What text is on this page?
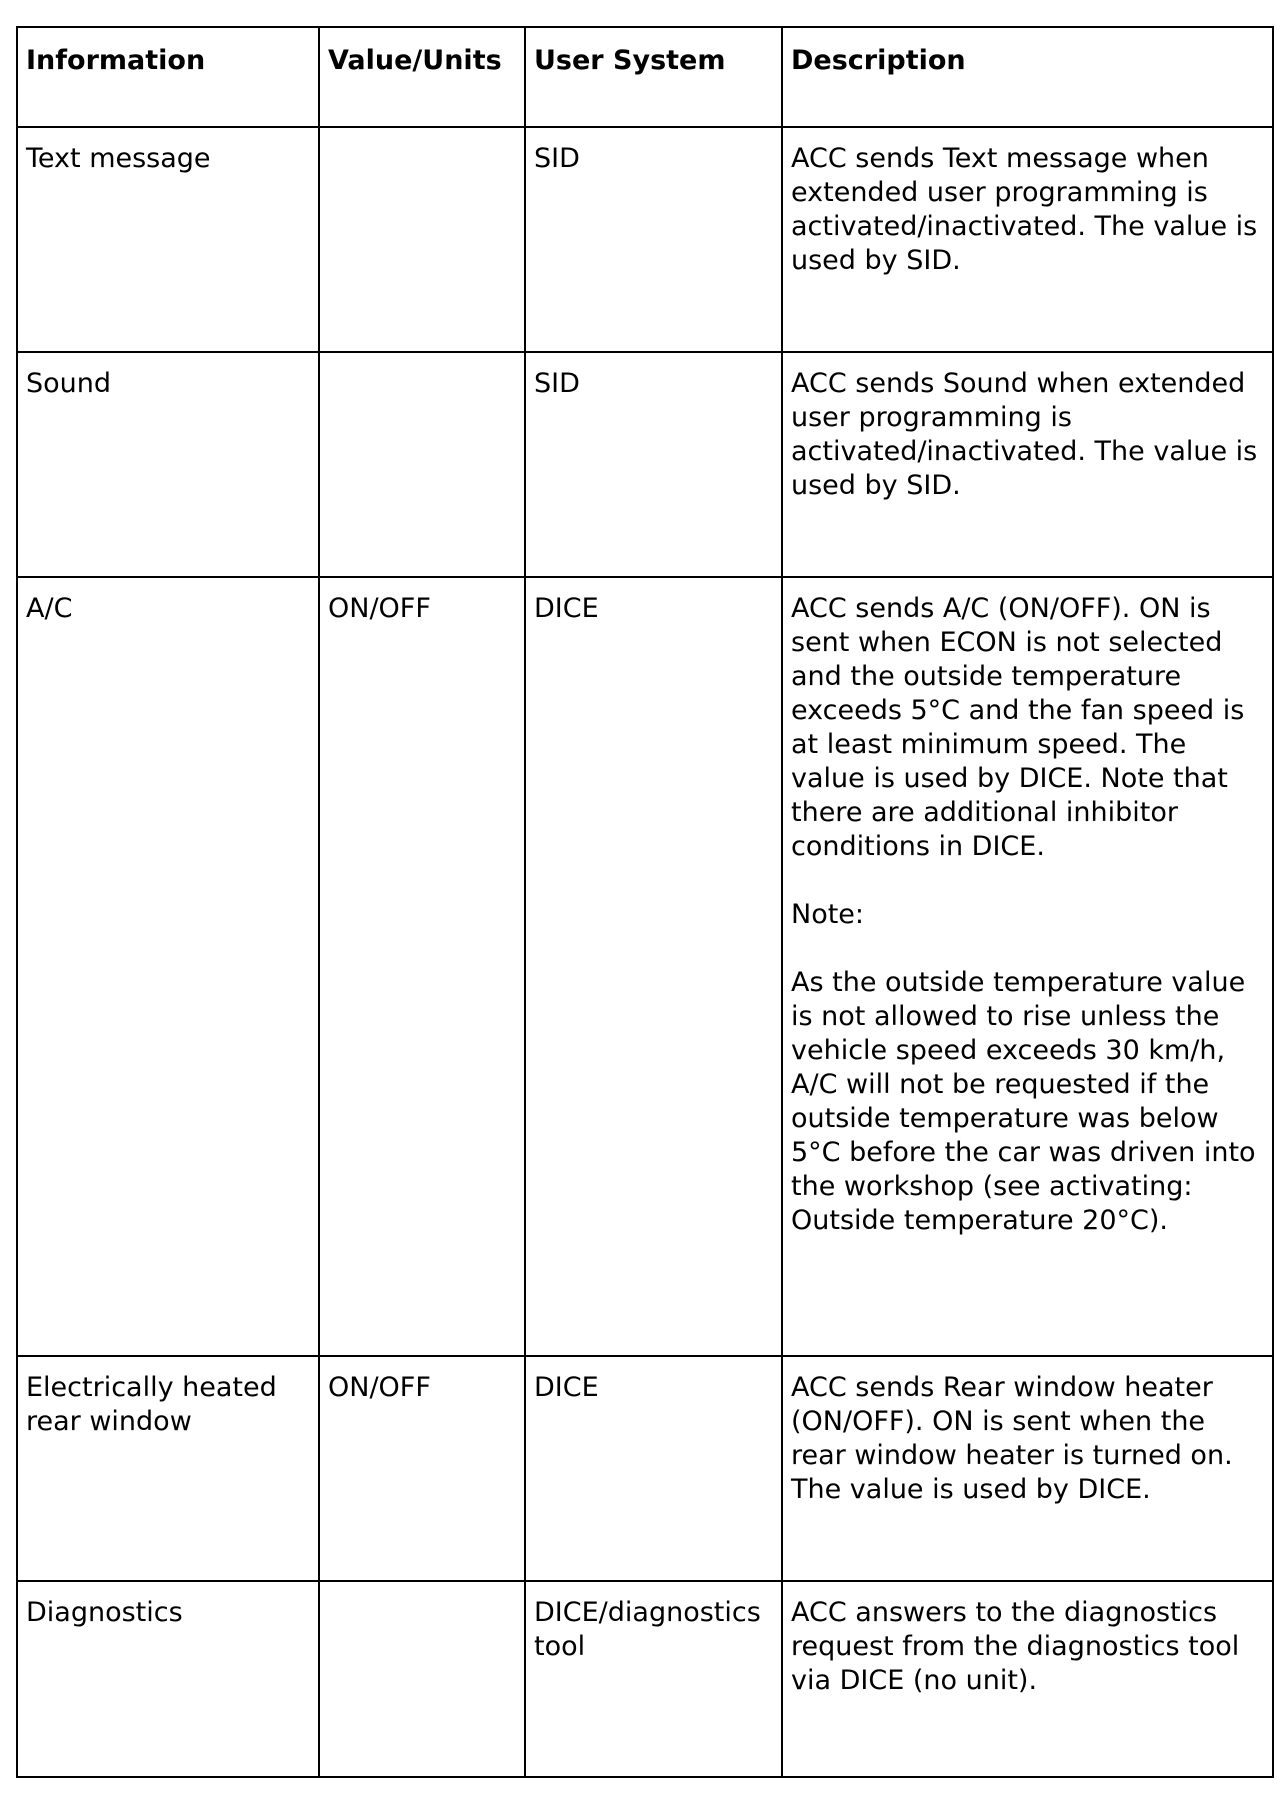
Information	Value/Units	User System	Description
Text message		SID	ACC sends Text message when extended user programming is activated/inactivated. The value is used by SID.

Sound		SID	ACC sends Sound when extended user programming is activated/inactivated. The value is used by SID.

A/C	ON/OFF	DICE	ACC sends A/C (ON/OFF). ON is sent when ECON is not selected and the outside temperature exceeds 5°C and the fan speed is at least minimum speed. The value is used by DICE. Note that there are additional inhibitor conditions in DICE.

Note:

As the outside temperature value is not allowed to rise unless the vehicle speed exceeds 30 km/h, A/C will not be requested if the outside temperature was below 5°C before the car was driven into the workshop (see activating: Outside temperature 20°C).

Electrically heated rear window	ON/OFF	DICE	ACC sends Rear window heater (ON/OFF). ON is sent when the rear window heater is turned on. The value is used by DICE.

Diagnostics		DICE/diagnostics tool	ACC answers to the diagnostics request from the diagnostics tool via DICE (no unit).
